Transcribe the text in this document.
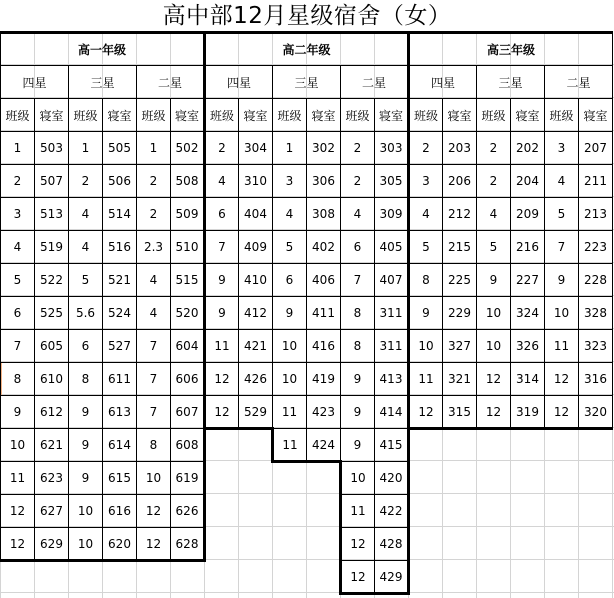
高中部12月星级宿舍（女）
高一年级						高二年级						高三年级					
四星		三星		二星		四星		三星		二星		四星		三星		二星	
班级	寝室	班级	寝室	班级	寝室	班级	寝室	班级	寝室	班级	寝室	班级	寝室	班级	寝室	班级	寝室
1	503	1	505	1	502	2	304	1	302	2	303	2	203	2	202	3	207
2	507	2	506	2	508	4	310	3	306	2	305	3	206	2	204	4	211
3	513	4	514	2	509	6	404	4	308	4	309	4	212	4	209	5	213
4	519	4	516	2.3	510	7	409	5	402	6	405	5	215	5	216	7	223
5	522	5	521	4	515	9	410	6	406	7	407	8	225	9	227	9	228
6	525	5.6	524	4	520	9	412	9	411	8	311	9	229	10	324	10	328
7	605	6	527	7	604	11	421	10	416	8	311	10	327	10	326	11	323
8	610	8	611	7	606	12	426	10	419	9	413	11	321	12	314	12	316
9	612	9	613	7	607	12	529	11	423	9	414	12	315	12	319	12	320
10	621	9	614	8	608			11	424	9	415						
11	623	9	615	10	619					10	420						
12	627	10	616	12	626					11	422						
12	629	10	620	12	628					12	428						
										12	429						
